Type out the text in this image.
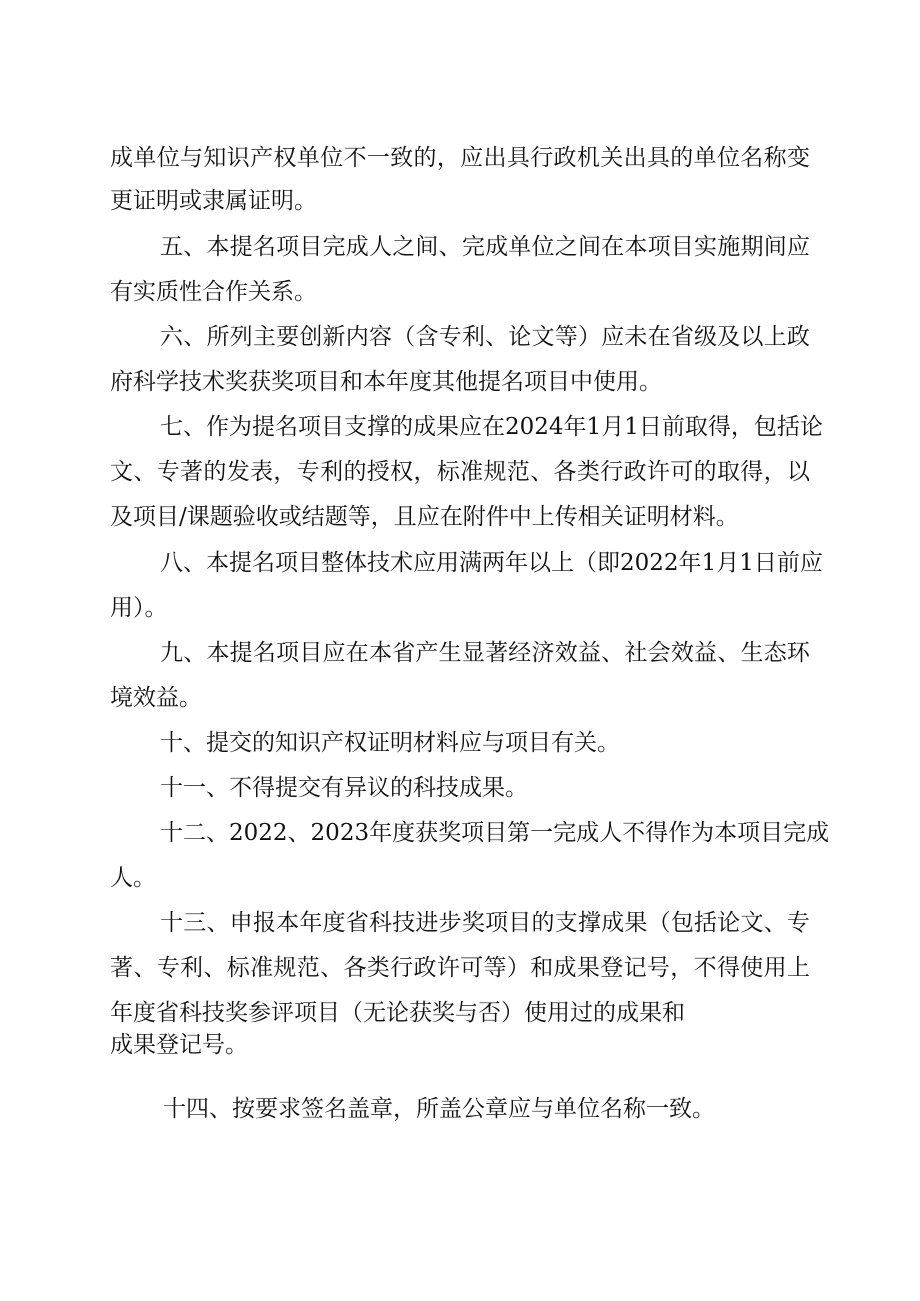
成 单 位 与 知 识 产 权 单 位 不 一 致 的 ， 应 出 具 行 政 机 关 出 具 的 单 位 名 称 变
更证明或隶属证明。
五 、 本 提 名 项 目 完 成 人 之 间 、 完 成 单 位 之 间 在 本 项 目 实 施 期 间 应
有实质性合作关系。
六 、 所 列 主 要 创 新 内 容 （ 含 专 利 、 论 文 等 ） 应 未 在 省 级 及 以 上 政
府科学技术奖获奖项目和本年度其他提名项目中使用。
七 、 作 为 提 名 项 目 支 撑 的 成 果 应 在 2024 年 1 月 1 日 前 取 得 ， 包 括 论
文 、 专 著 的 发 表 ， 专 利 的 授 权 ， 标 准 规 范 、 各 类 行 政 许 可 的 取 得 ， 以
及项目/课题验收或结题等，且应在附件中上传相关证明材料。
八 、 本 提 名 项 目 整 体 技 术 应 用 满 两 年 以 上 （ 即 2022 年 1 月 1 日 前 应
用）。
九 、 本 提 名 项 目 应 在 本 省 产 生 显 著 经 济 效 益 、 社 会 效 益 、 生 态 环
境效益。
十、提交的知识产权证明材料应与项目有关。
十一、不得提交有异议的科技成果。
十 二 、 2022 、 2023 年 度 获 奖 项 目 第 一 完 成 人 不 得 作 为 本 项 目 完 成
人。
十 三 、 申 报 本 年 度 省 科 技 进 步 奖 项 目 的 支 撑 成 果 （ 包 括 论 文 、 专
著 、 专 利 、 标 准 规 范 、 各 类 行 政 许 可 等 ） 和 成 果 登 记 号 ， 不 得 使 用 上
年度省科技奖参评项目（无论获奖与否）使用过的成果和
成果登记号。
十四、按要求签名盖章，所盖公章应与单位名称一致。
